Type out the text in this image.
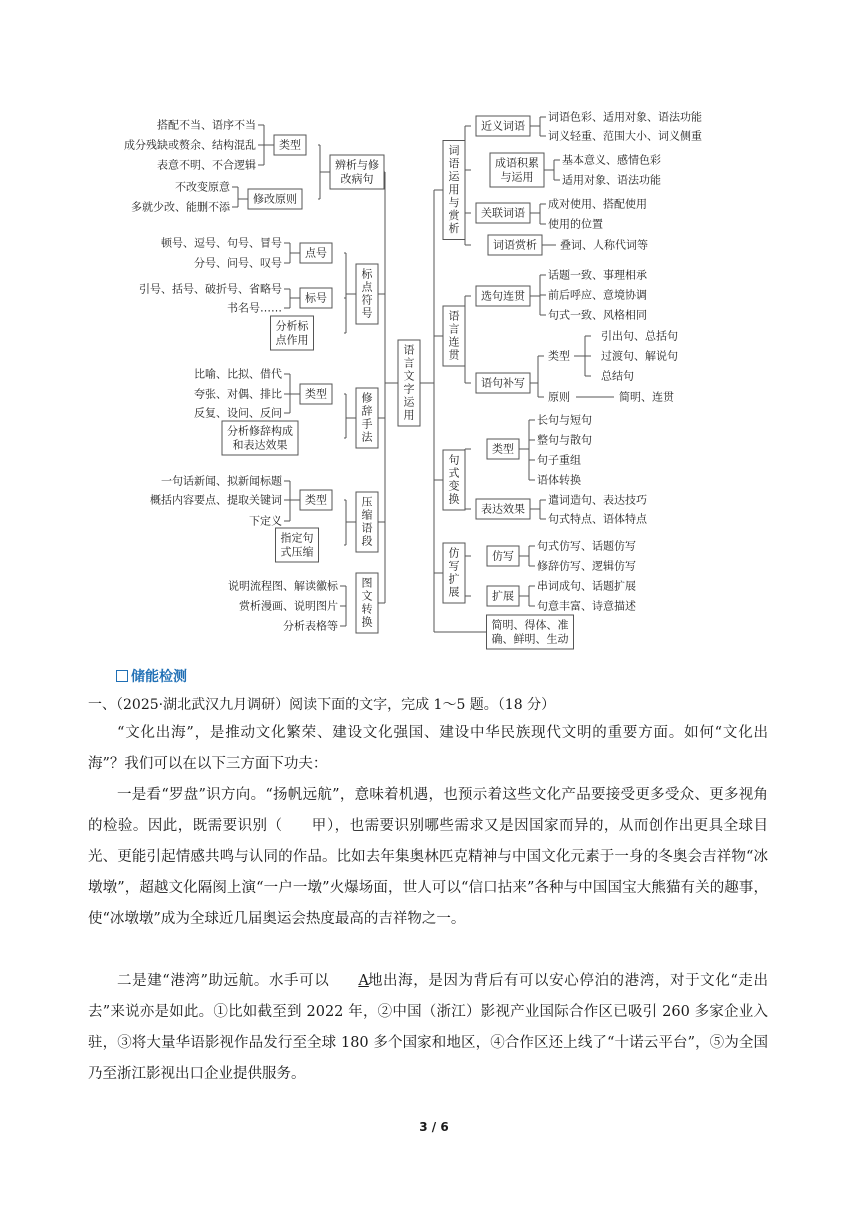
语
言
文
字
运
用
辨析与修
改病句
类型
搭配不当、语序不当
成分残缺或赘余、结构混乱
表意不明、不合逻辑
修改原则
不改变原意
多就少改、能删不添
标
点
符
号
点号
顿号、逗号、句号、冒号
分号、问号、叹号
标号
引号、括号、破折号、省略号
书名号……
分析标
点作用
修
辞
手
法
类型
比喻、比拟、借代
夸张、对偶、排比
反复、设问、反问
分析修辞构成
和表达效果
压
缩
语
段
类型
一句话新闻、拟新闻标题
概括内容要点、提取关键词
下定义
指定句
式压缩
图
文
转
换
说明流程图、解读徽标
赏析漫画、说明图片
分析表格等
词
语
运
用
与
赏
析
近义词语
词语色彩、适用对象、语法功能
词义轻重、范围大小、词义侧重
成语积累
与运用
基本意义、感情色彩
适用对象、语法功能
关联词语
成对使用、搭配使用
使用的位置
词语赏析 叠词、人称代词等
语
言
连
贯
选句连贯
话题一致、事理相承
前后呼应、意境协调
句式一致、风格相同
语句补写
类型
引出句、总括句
过渡句、解说句
总结句
原则	简明、连贯
句
式
变
换
类型
长句与短句
整句与散句
句子重组
语体转换
表达效果
遣词造句、表达技巧
句式特点、语体特点
仿
写
扩
展
仿写
句式仿写、话题仿写
修辞仿写、逻辑仿写
扩展
串词成句、话题扩展
句意丰富、诗意描述
简明、得体、准
确、鲜明、生动
储能检测
一、（2025·湖北武汉九月调研）阅读下面的文字，完成 1～5 题。（18 分）

“文化出海”，是推动文化繁荣、建设文化强国、建设中华民族现代文明的重要方面。如何“文化出海”？我们可以在以下三方面下功夫：

一是看“罗盘”识方向。“扬帆远航”，意味着机遇，也预示着这些文化产品要接受更多受众、更多视角的检验。因此，既需要识别（ 甲），也需要识别哪些需求又是因国家而异的，从而创作出更具全球目光、更能引起情感共鸣与认同的作品。比如去年集奥林匹克精神与中国文化元素于一身的冬奥会吉祥物“冰墩墩”，超越文化隔阂上演“一户一墩”火爆场面，世人可以“信口拈来”各种与中国国宝大熊猫有关的趣事，使“冰墩墩”成为全球近几届奥运会热度最高的吉祥物之一。

二是建“港湾”助远航。水手可以 A地出海，是因为背后有可以安心停泊的港湾，对于文化“走出去”来说亦是如此。①比如截至到 2022 年，②中国（浙江）影视产业国际合作区已吸引 260 多家企业入驻，③将大量华语影视作品发行至全球 180 多个国家和地区，④合作区还上线了“十诺云平台”，⑤为全国乃至浙江影视出口企业提供服务。

3 / 6
